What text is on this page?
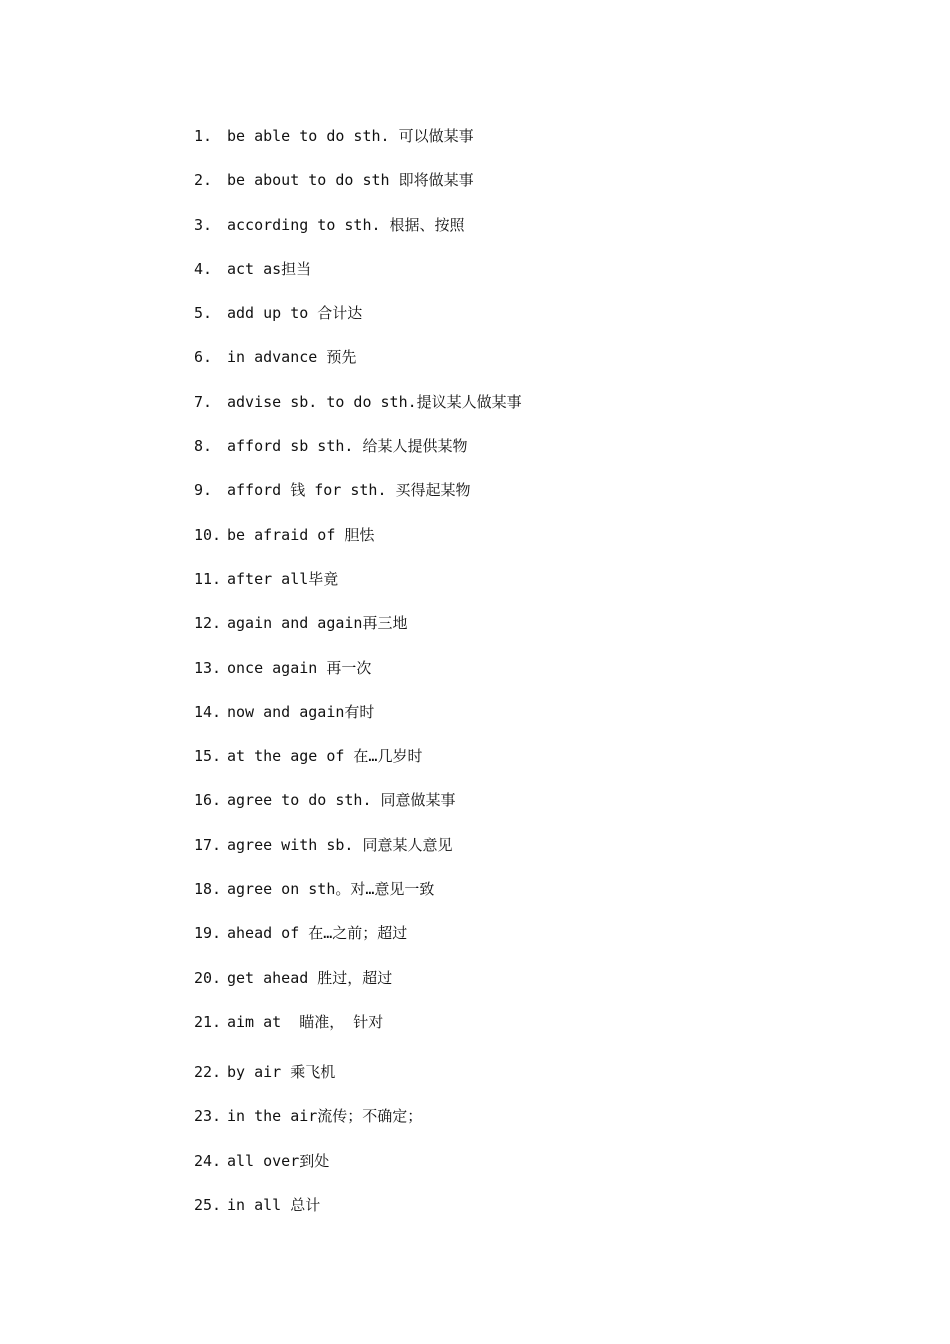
1. be able to do sth. 可以做某事
2. be about to do sth 即将做某事
3. according to sth. 根据、按照
4. act as担当
5. add up to 合计达
6. in advance 预先
7. advise sb. to do sth.提议某人做某事
8. afford sb sth. 给某人提供某物
9. afford 钱 for sth. 买得起某物
10. be afraid of 胆怯
11. after all毕竟
12. again and again再三地
13. once again 再一次
14. now and again有时
15. at the age of 在…几岁时
16. agree to do sth. 同意做某事
17. agree with sb. 同意某人意见
18. agree on sth。对…意见一致
19. ahead of 在…之前；超过
20. get ahead 胜过，超过
21. aim at  瞄准， 针对
22. by air 乘飞机
23. in the air流传；不确定；
24. all over到处
25. in all 总计
